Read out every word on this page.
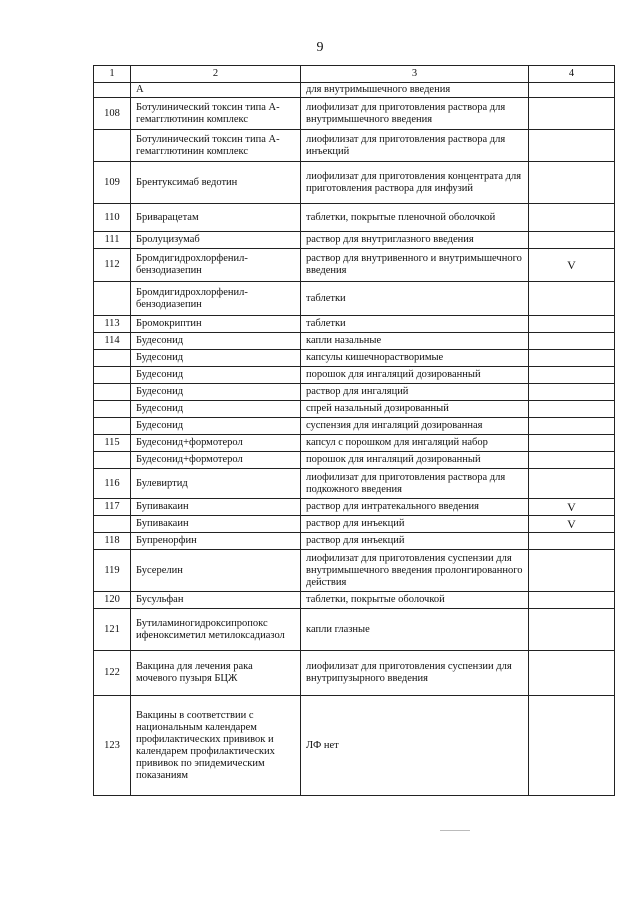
9
1	2	3	4
	А	для внутримышечного введения	
108	Ботулинический токсин типа А-гемагглютинин комплекс	лиофилизат для приготовления раствора для внутримышечного введения	
	Ботулинический токсин типа А-гемагглютинин комплекс	лиофилизат для приготовления раствора для инъекций	
109	Брентуксимаб ведотин	лиофилизат для приготовления концентрата для приготовления раствора для инфузий	
110	Бриварацетам	таблетки, покрытые пленочной оболочкой	
111	Бролуцизумаб	раствор для внутриглазного введения	
112	Бромдигидрохлорфенил-бензодиазепин	раствор для внутривенного и внутримышечного введения	V
	Бромдигидрохлорфенил-бензодиазепин	таблетки	
113	Бромокриптин	таблетки	
114	Будесонид	капли назальные	
	Будесонид	капсулы кишечнорастворимые	
	Будесонид	порошок для ингаляций дозированный	
	Будесонид	раствор для ингаляций	
	Будесонид	спрей назальный дозированный	
	Будесонид	суспензия для ингаляций дозированная	
115	Будесонид+формотерол	капсул с порошком для ингаляций набор	
	Будесонид+формотерол	порошок для ингаляций дозированный	
116	Булевиртид	лиофилизат для приготовления раствора для подкожного введения	
117	Бупивакаин	раствор для интратекального введения	V
	Бупивакаин	раствор для инъекций	V
118	Бупренорфин	раствор для инъекций	
119	Бусерелин	лиофилизат для приготовления суспензии для внутримышечного введения пролонгированного действия	
120	Бусульфан	таблетки, покрытые оболочкой	
121	Бутиламиногидроксипропокс ифеноксиметил метилоксадиазол	капли глазные	
122	Вакцина для лечения рака мочевого пузыря БЦЖ	лиофилизат для приготовления суспензии для внутрипузырного введения	
123	Вакцины в соответствии с национальным календарем профилактических прививок и календарем профилактических прививок по эпидемическим показаниям	ЛФ нет	
